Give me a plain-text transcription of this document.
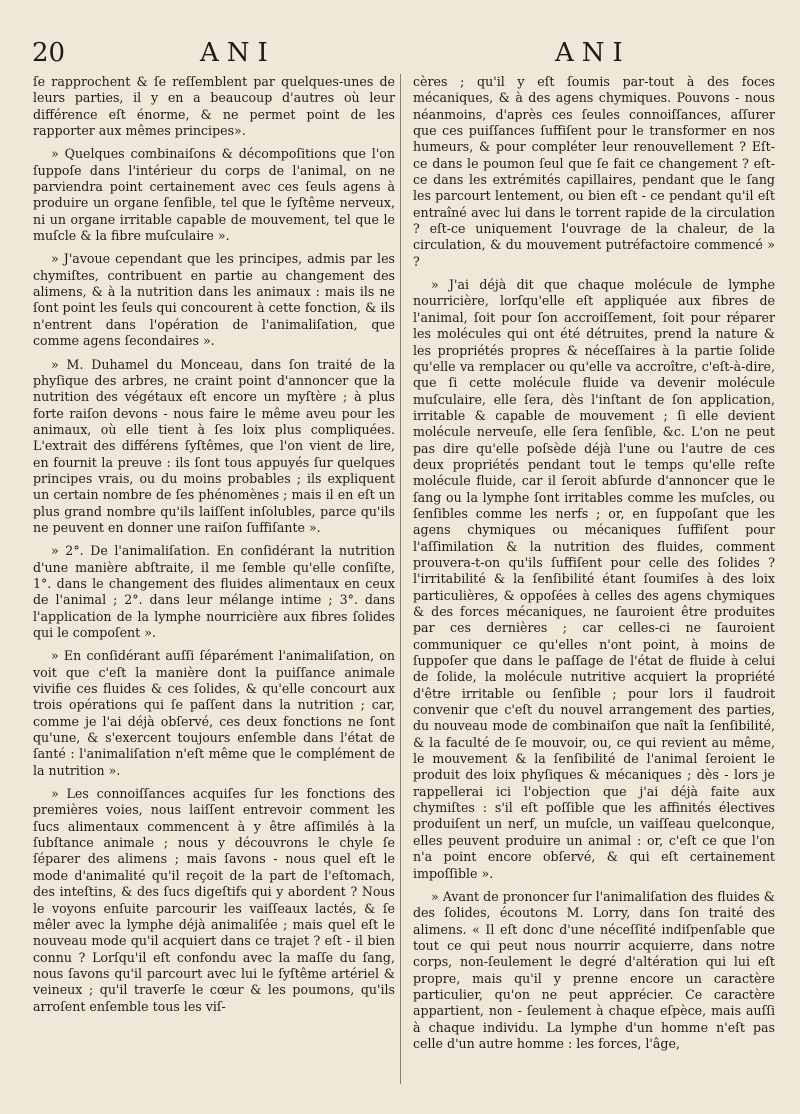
20	ANI	ANI

ſe rapprochent & ſe reſſemblent par quelques-unes de leurs parties, il y en a beaucoup d'autres où leur différence eſt énorme, & ne permet point de les rapporter aux mêmes principes».

» Quelques combinaiſons & décompoſitions que l'on ſuppoſe dans l'intérieur du corps de l'animal, on ne parviendra point certainement avec ces ſeuls agens à produire un organe ſenſible, tel que le ſyſtême nerveux, ni un organe irritable capable de mouvement, tel que le muſcle & la fibre muſculaire ».

» J'avoue cependant que les principes, admis par les chymiſtes, contribuent en partie au changement des alimens, & à la nutrition dans les animaux : mais ils ne ſont point les ſeuls qui concourent à cette fonction, & ils n'entrent dans l'opération de l'animaliſation, que comme agens ſecondaires ».

» M. Duhamel du Monceau, dans ſon traité de la phyſique des arbres, ne craint point d'annoncer que la nutrition des végétaux eſt encore un myſtère ; à plus forte raiſon devons - nous faire le même aveu pour les animaux, où elle tient à ſes loix plus compliquées. L'extrait des différens ſyſtêmes, que l'on vient de lire, en fournit la preuve : ils ſont tous appuyés ſur quelques principes vrais, ou du moins probables ; ils expliquent un certain nombre de ſes phénomènes ; mais il en eſt un plus grand nombre qu'ils laiſſent inſolubles, parce qu'ils ne peuvent en donner une raiſon ſuffiſante ».

» 2°. De l'animaliſation. En conſidérant la nutrition d'une manière abſtraite, il me ſemble qu'elle conſiſte, 1°. dans le changement des fluides alimentaux en ceux de l'animal ; 2°. dans leur mélange intime ; 3°. dans l'application de la lymphe nourricière aux fibres ſolides qui le compoſent ».

» En conſidérant auſſi ſéparément l'animaliſation, on voit que c'eſt la manière dont la puiſſance animale vivifie ces fluides & ces ſolides, & qu'elle concourt aux trois opérations qui ſe paſſent dans la nutrition ; car, comme je l'ai déjà obſervé, ces deux fonctions ne ſont qu'une, & s'exercent toujours enſemble dans l'état de ſanté : l'animaliſation n'eſt même que le complément de la nutrition ».

» Les connoiſſances acquiſes ſur les fonctions des premières voies, nous laiſſent entrevoir comment les ſucs alimentaux commencent à y être aſſimilés à la ſubſtance animale ; nous y découvrons le chyle ſe ſéparer des alimens ; mais ſavons - nous quel eſt le mode d'animalité qu'il reçoit de la part de l'eſtomach, des inteſtins, & des ſucs digeſtifs qui y abordent ? Nous le voyons enſuite parcourir les vaiſſeaux lactés, & ſe mêler avec la lymphe déjà animaliſée ; mais quel eſt le nouveau mode qu'il acquiert dans ce trajet ? eſt - il bien connu ? Lorſqu'il eſt confondu avec la maſſe du ſang, nous ſavons qu'il parcourt avec lui le ſyſtême artériel & veineux ; qu'il traverſe le cœur & les poumons, qu'ils arroſent enſemble tous les viſ-

cères ; qu'il y eſt ſoumis par-tout à des foces mécaniques, & à des agens chymiques. Pouvons - nous néanmoins, d'après ces ſeules connoiſſances, aſſurer que ces puiſſances ſuffiſent pour le transformer en nos humeurs, & pour compléter leur renouvellement ? Eſt-ce dans le poumon ſeul que ſe fait ce changement ? eſt-ce dans les extrémités capillaires, pendant que le ſang les parcourt lentement, ou bien eſt - ce pendant qu'il eſt entraîné avec lui dans le torrent rapide de la circulation ? eſt-ce uniquement l'ouvrage de la chaleur, de la circulation, & du mouvement putréfactoire commencé » ?

» J'ai déjà dit que chaque molécule de lymphe nourricière, lorſqu'elle eſt appliquée aux fibres de l'animal, ſoit pour ſon accroiſſement, ſoit pour réparer les molécules qui ont été détruites, prend la nature & les propriétés propres & néceſſaires à la partie ſolide qu'elle va remplacer ou qu'elle va accroître, c'eſt-à-dire, que ſi cette molécule fluide va devenir molécule muſculaire, elle ſera, dès l'inſtant de ſon application, irritable & capable de mouvement ; ſi elle devient molécule nerveuſe, elle ſera ſenſible, &c. L'on ne peut pas dire qu'elle poſsède déjà l'une ou l'autre de ces deux propriétés pendant tout le temps qu'elle reſte molécule fluide, car il ſeroit abſurde d'annoncer que le ſang ou la lymphe ſont irritables comme les muſcles, ou ſenſibles comme les nerfs ; or, en ſuppoſant que les agens chymiques ou mécaniques ſuffiſent pour l'aſſimilation & la nutrition des fluides, comment prouvera-t-on qu'ils ſuffiſent pour celle des ſolides ? l'irritabilité & la ſenſibilité étant ſoumiſes à des loix particulières, & oppoſées à celles des agens chymiques & des forces mécaniques, ne ſauroient être produites par ces dernières ; car celles-ci ne ſauroient communiquer ce qu'elles n'ont point, à moins de ſuppoſer que dans le paſſage de l'état de fluide à celui de ſolide, la molécule nutritive acquiert la propriété d'être irritable ou ſenſible ; pour lors il faudroit convenir que c'eſt du nouvel arrangement des parties, du nouveau mode de combinaiſon que naît la ſenſibilité, & la faculté de ſe mouvoir, ou, ce qui revient au même, le mouvement & la ſenſibilité de l'animal ſeroient le produit des loix phyſiques & mécaniques ; dès - lors je rappellerai ici l'objection que j'ai déjà faite aux chymiſtes : s'il eſt poſſible que les affinités électives produiſent un nerf, un muſcle, un vaiſſeau quelconque, elles peuvent produire un animal : or, c'eſt ce que l'on n'a point encore obſervé, & qui eſt certainement impoſſible ».

» Avant de prononcer ſur l'animaliſation des fluides & des ſolides, écoutons M. Lorry, dans ſon traité des alimens. « Il eſt donc d'une néceſſité indiſpenſable que tout ce qui peut nous nourrir acquierre, dans notre corps, non-ſeulement le degré d'altération qui lui eſt propre, mais qu'il y prenne encore un caractère particulier, qu'on ne peut apprécier. Ce caractère appartient, non - ſeulement à chaque eſpèce, mais auſſi à chaque individu. La lymphe d'un homme n'eſt pas celle d'un autre homme : les forces, l'âge,
